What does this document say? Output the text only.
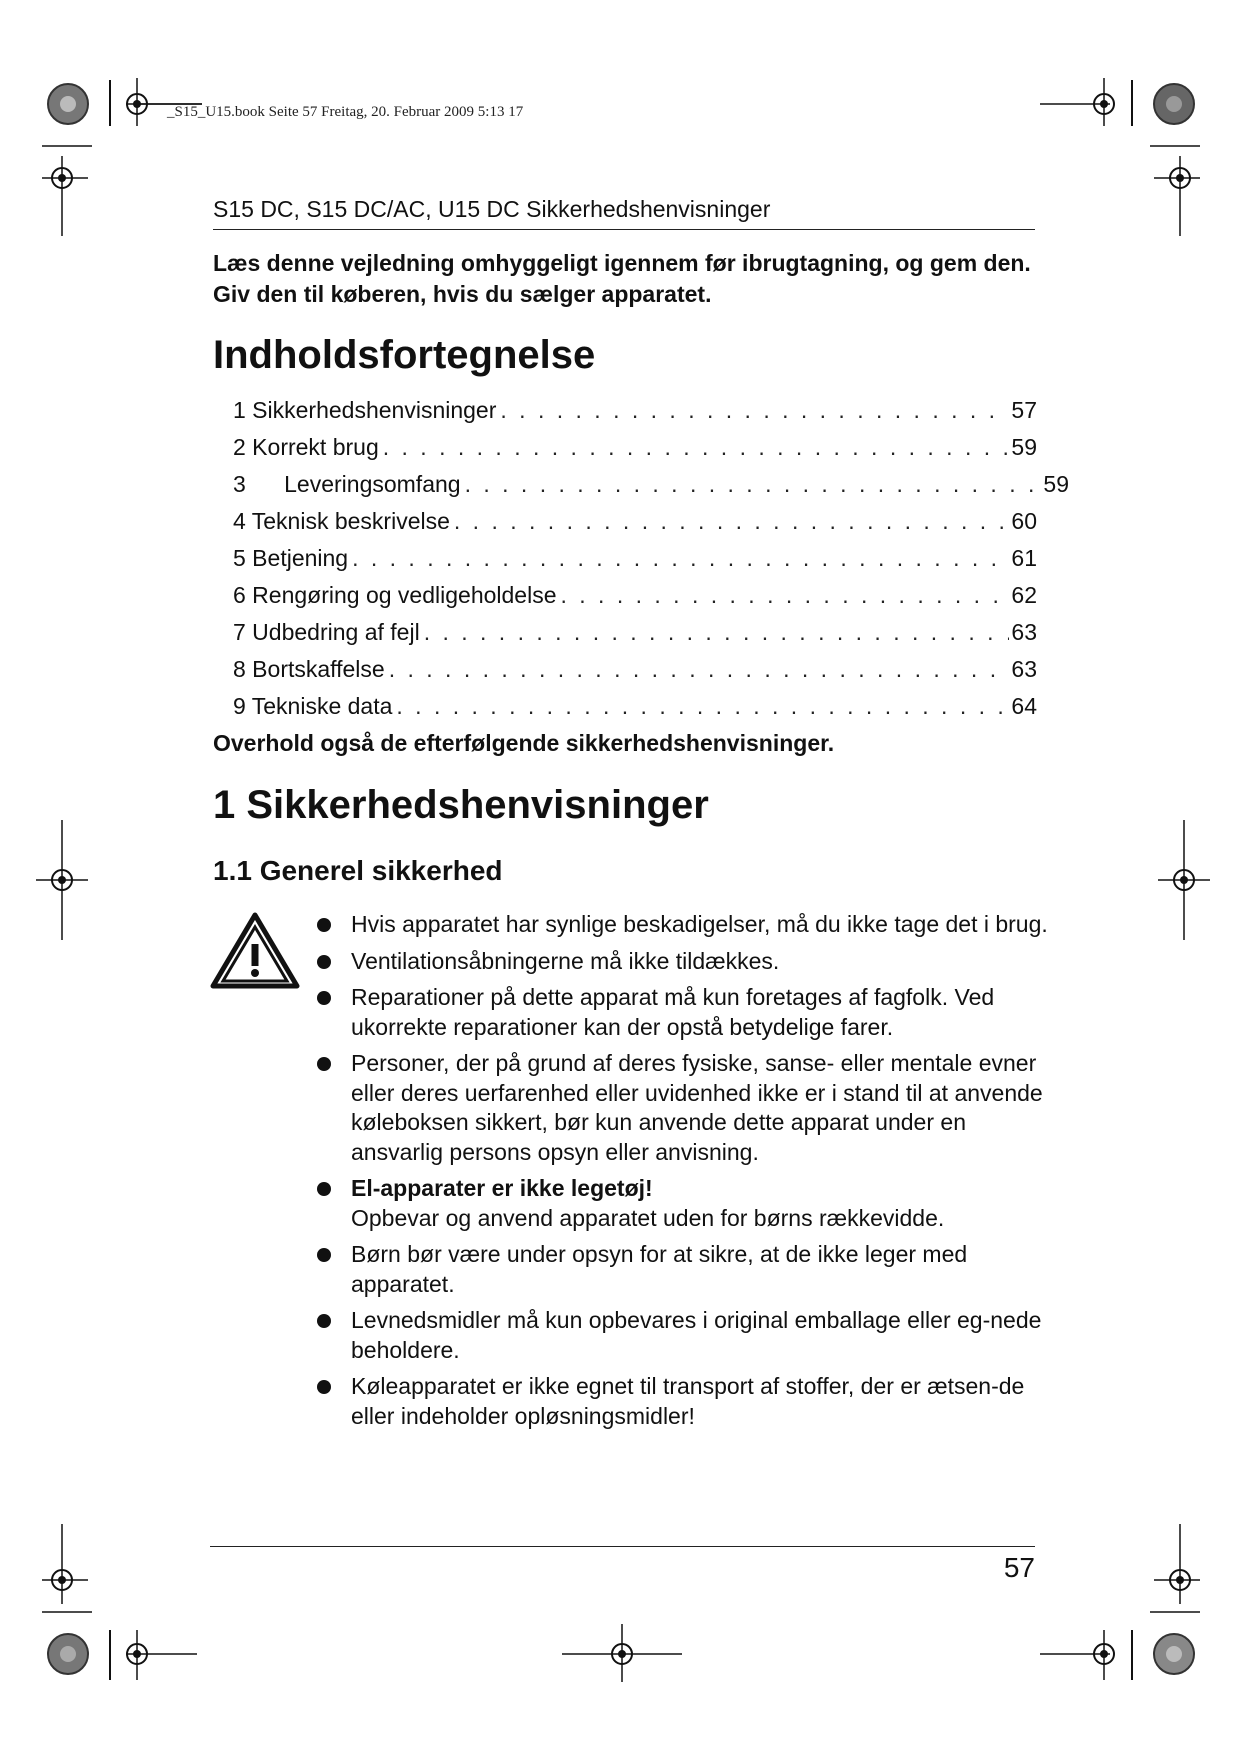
_S15_U15.book Seite 57 Freitag, 20. Februar 2009 5:13 17
S15 DC, S15 DC/AC, U15 DC Sikkerhedshenvisninger
Læs denne vejledning omhyggeligt igennem før ibrugtagning, og gem den. Giv den til køberen, hvis du sælger apparatet.
Indholdsfortegnelse
1 Sikkerhedshenvisninger . . .	57
2 Korrekt brug . . .	59
3      Leveringsomfang . . .	59
4 Teknisk beskrivelse . . .	60
5 Betjening . . .	61
6 Rengøring og vedligeholdelse . . .	62
7 Udbedring af fejl . . .	63
8 Bortskaffelse . . .	63
9 Tekniske data . . .	64
Overhold også de efterfølgende sikkerhedshenvisninger.
1 Sikkerhedshenvisninger
1.1 Generel sikkerhed
Hvis apparatet har synlige beskadigelser, må du ikke tage det i brug.
Ventilationsåbningerne må ikke tildækkes.
Reparationer på dette apparat må kun foretages af fagfolk. Ved ukorrekte reparationer kan der opstå betydelige farer.
Personer, der på grund af deres fysiske, sanse- eller mentale evner eller deres uerfarenhed eller uvidenhed ikke er i stand til at anvende køleboksen sikkert, bør kun anvende dette apparat under en ansvarlig persons opsyn eller anvisning.
El-apparater er ikke legetøj!
Opbevar og anvend apparatet uden for børns rækkevidde.
Børn bør være under opsyn for at sikre, at de ikke leger med apparatet.
Levnedsmidler må kun opbevares i original emballage eller eg-nede beholdere.
Køleapparatet er ikke egnet til transport af stoffer, der er ætsen-de eller indeholder opløsningsmidler!
57
